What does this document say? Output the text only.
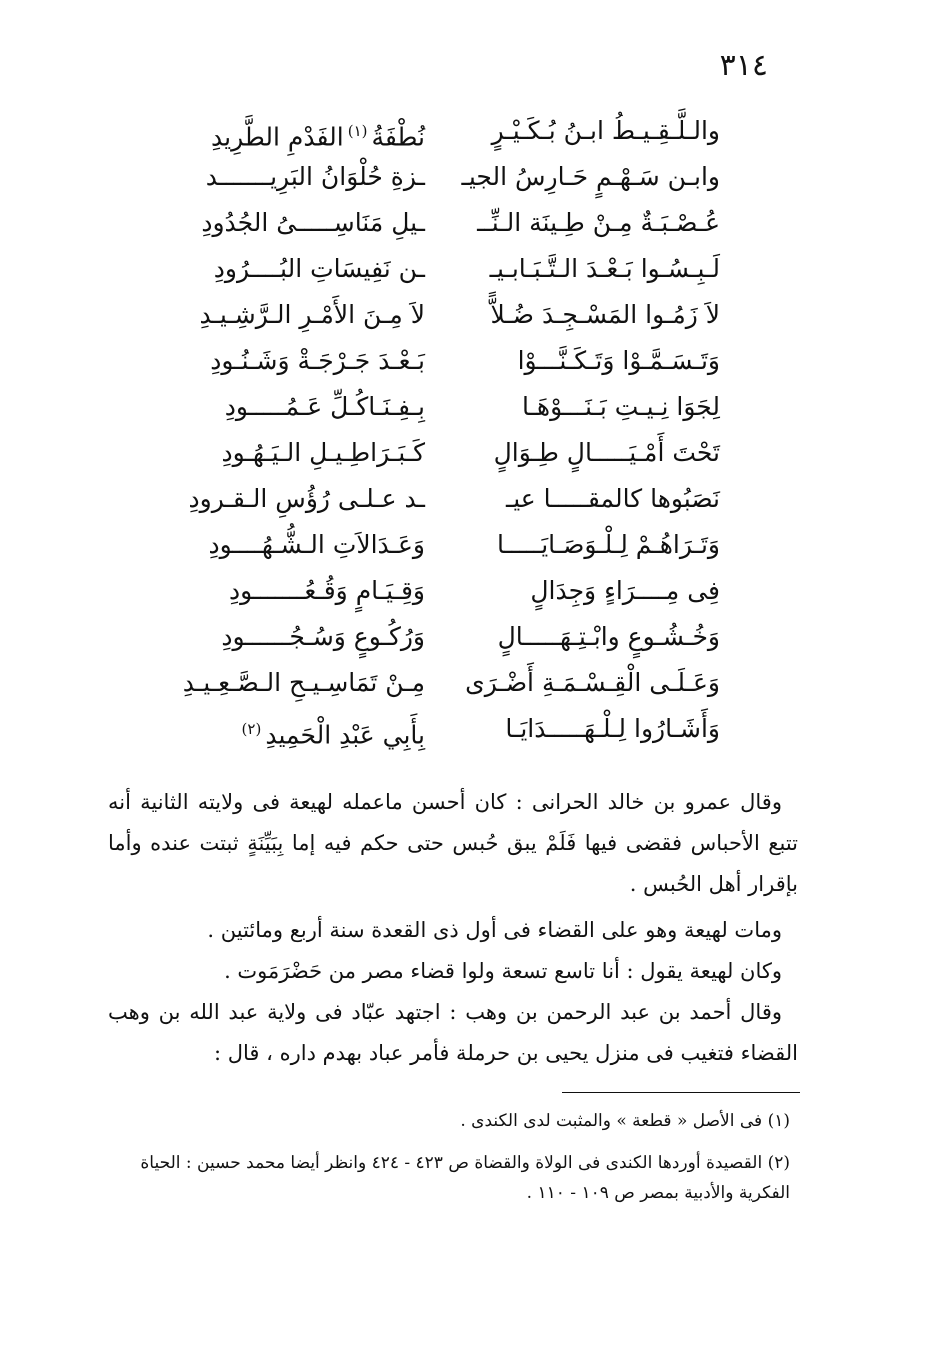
٣١٤
والـلَّـقِـيـطُ ابـنُ بُـكَـيْـرٍ
نُطْفَةُ$^{(١)}$الفَدْمِ الطَّرِيدِ
وابـن سَـهْـمٍ حَـارِسُ الجيـ
ـزةِ حُلْوَانُ البَرِيـــــــد
عُـصْـبَـةٌ مِـنْ طِـينَة الـنِّــ
ـيلِ مَنَاسِـــــىُ الجُدُودِ
لَـبِـسُـوا بَـعْـدَ الـتَّـبَـابـيـ
ـن نَفِيسَاتِ البُــــرُودِ
لاَ زَمُـوا المَسْـجِـدَ ضُـلاًّ
لاَ مِـنَ الأَمْـرِ الـرَّشِـيـدِ
وَتَـسَـمَّـوْا وَتَـكَـنَّـــوْا
بَـعْـدَ جَـرْجَـةْ وَشَـنُـودِ
لِجَوَا نِـيـتِ بَـنَـــوْهَـا
بِـفِـنَـاكُـلِّ عَـمُـــــودِ
تَحْتَ أَمْـيَـــــالٍ طِـوَالٍ
كَـبَـرَاطِـيـلِ الـيَـهُـودِ
نَصَبُوها كالمقـــــا عيـ
ـد عـلـى رُؤُسِ الـقـرودِ
وَتَـرَاهُـمْ لِـلْـوَصَـايَـــــا
وَعَـدَالاَتِ الـشُّـهُــــودِ
فِى مِــــرَاءٍ وَجِدَالٍ
وَقِـيَـامٍ وَقُـعُـــــــودِ
وَخُـشُـوعٍ وابْـتِـهَـــــالٍ
وَرُكُـوعٍ وَسُـجُــــــودِ
وَعَـلَـى الْقِـسْـمَـةِ أَضْـرَى
مِـنْ تَمَاسِـيـحِ الـصَّـعِـيـدِ
وَأَشَـارُوا لِـلْـهَـــــدَايَـا
بِأَبِي عَبْدِ الْحَمِيدِ$^{(٢)}$

وقال عمرو بن خالد الحرانى : كان أحسن ماعمله لهيعة فى ولايته الثانية أنه تتبع الأحباس فقضى فيها فَلَمْ يبق حُبس حتى حكم فيه إما بِبَيِّنَةٍ ثبتت عنده وأما بإقرار أهل الحُبس .

ومات لهيعة وهو على القضاء فى أول ذى القعدة سنة أربع ومائتين .

وكان لهيعة يقول : أنا تاسع تسعة ولوا قضاء مصر من حَضْرَمَوت .

وقال أحمد بن عبد الرحمن بن وهب : اجتهد عبّاد فى ولاية عبد الله بن وهب القضاء فتغيب فى منزل يحيى بن حرملة فأمر عباد بهدم داره ، قال :

(١) فى الأصل « قطعة » والمثبت لدى الكندى .

(٢) القصيدة أوردها الكندى فى الولاة والقضاة ص ٤٢٣ - ٤٢٤ وانظر أيضا محمد حسين : الحياة الفكرية والأدبية بمصر ص ١٠٩ - ١١٠ .
